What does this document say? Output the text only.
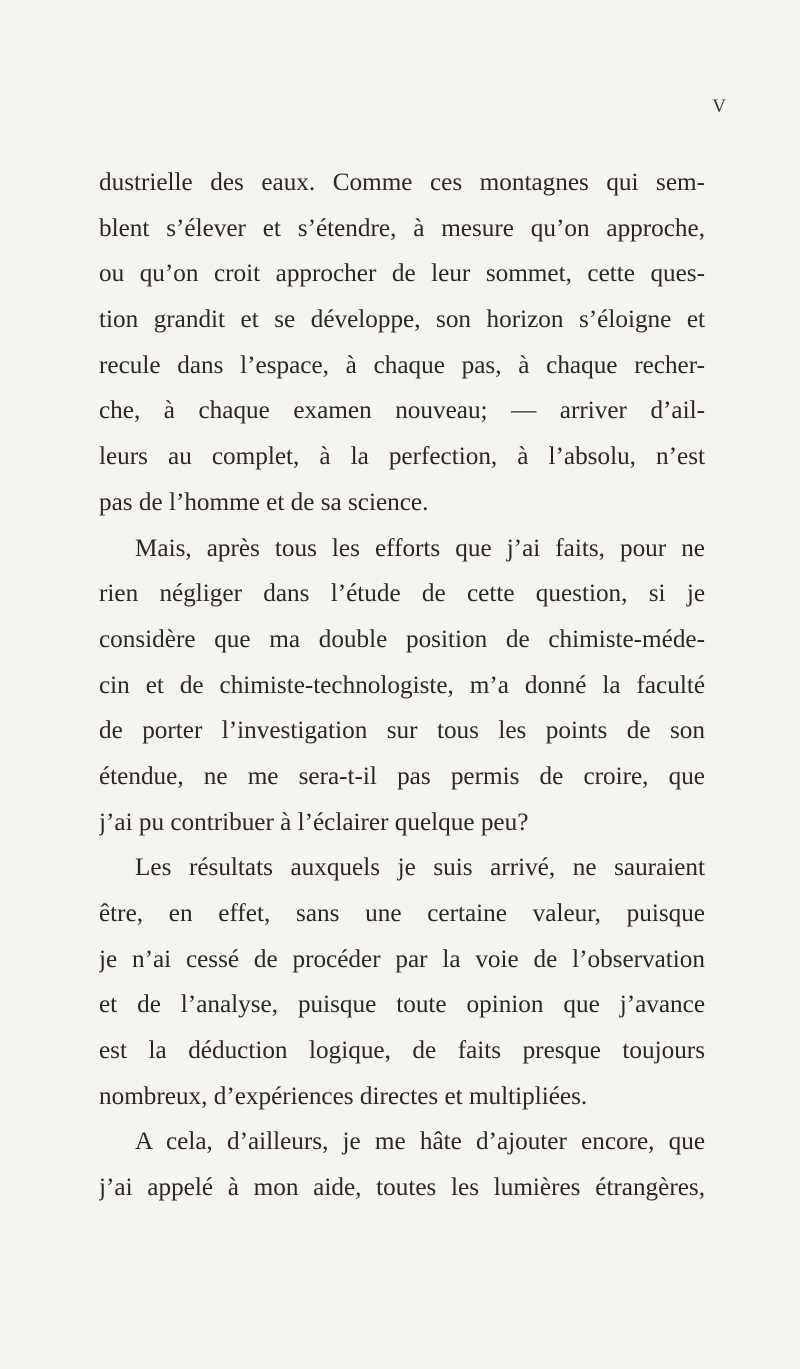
V
dustrielle des eaux. Comme ces montagnes qui sem-
blent s’élever et s’étendre, à mesure qu’on approche,
ou qu’on croit approcher de leur sommet, cette ques-
tion grandit et se développe, son horizon s’éloigne et
recule dans l’espace, à chaque pas, à chaque recher-
che, à chaque examen nouveau; — arriver d’ail-
leurs au complet, à la perfection, à l’absolu, n’est
pas de l’homme et de sa science.
Mais, après tous les efforts que j’ai faits, pour ne
rien négliger dans l’étude de cette question, si je
considère que ma double position de chimiste-méde-
cin et de chimiste-technologiste, m’a donné la faculté
de porter l’investigation sur tous les points de son
étendue, ne me sera-t-il pas permis de croire, que
j’ai pu contribuer à l’éclairer quelque peu?
Les résultats auxquels je suis arrivé, ne sauraient
être, en effet, sans une certaine valeur, puisque
je n’ai cessé de procéder par la voie de l’observation
et de l’analyse, puisque toute opinion que j’avance
est la déduction logique, de faits presque toujours
nombreux, d’expériences directes et multipliées.
A cela, d’ailleurs, je me hâte d’ajouter encore, que
j’ai appelé à mon aide, toutes les lumières étrangères,
